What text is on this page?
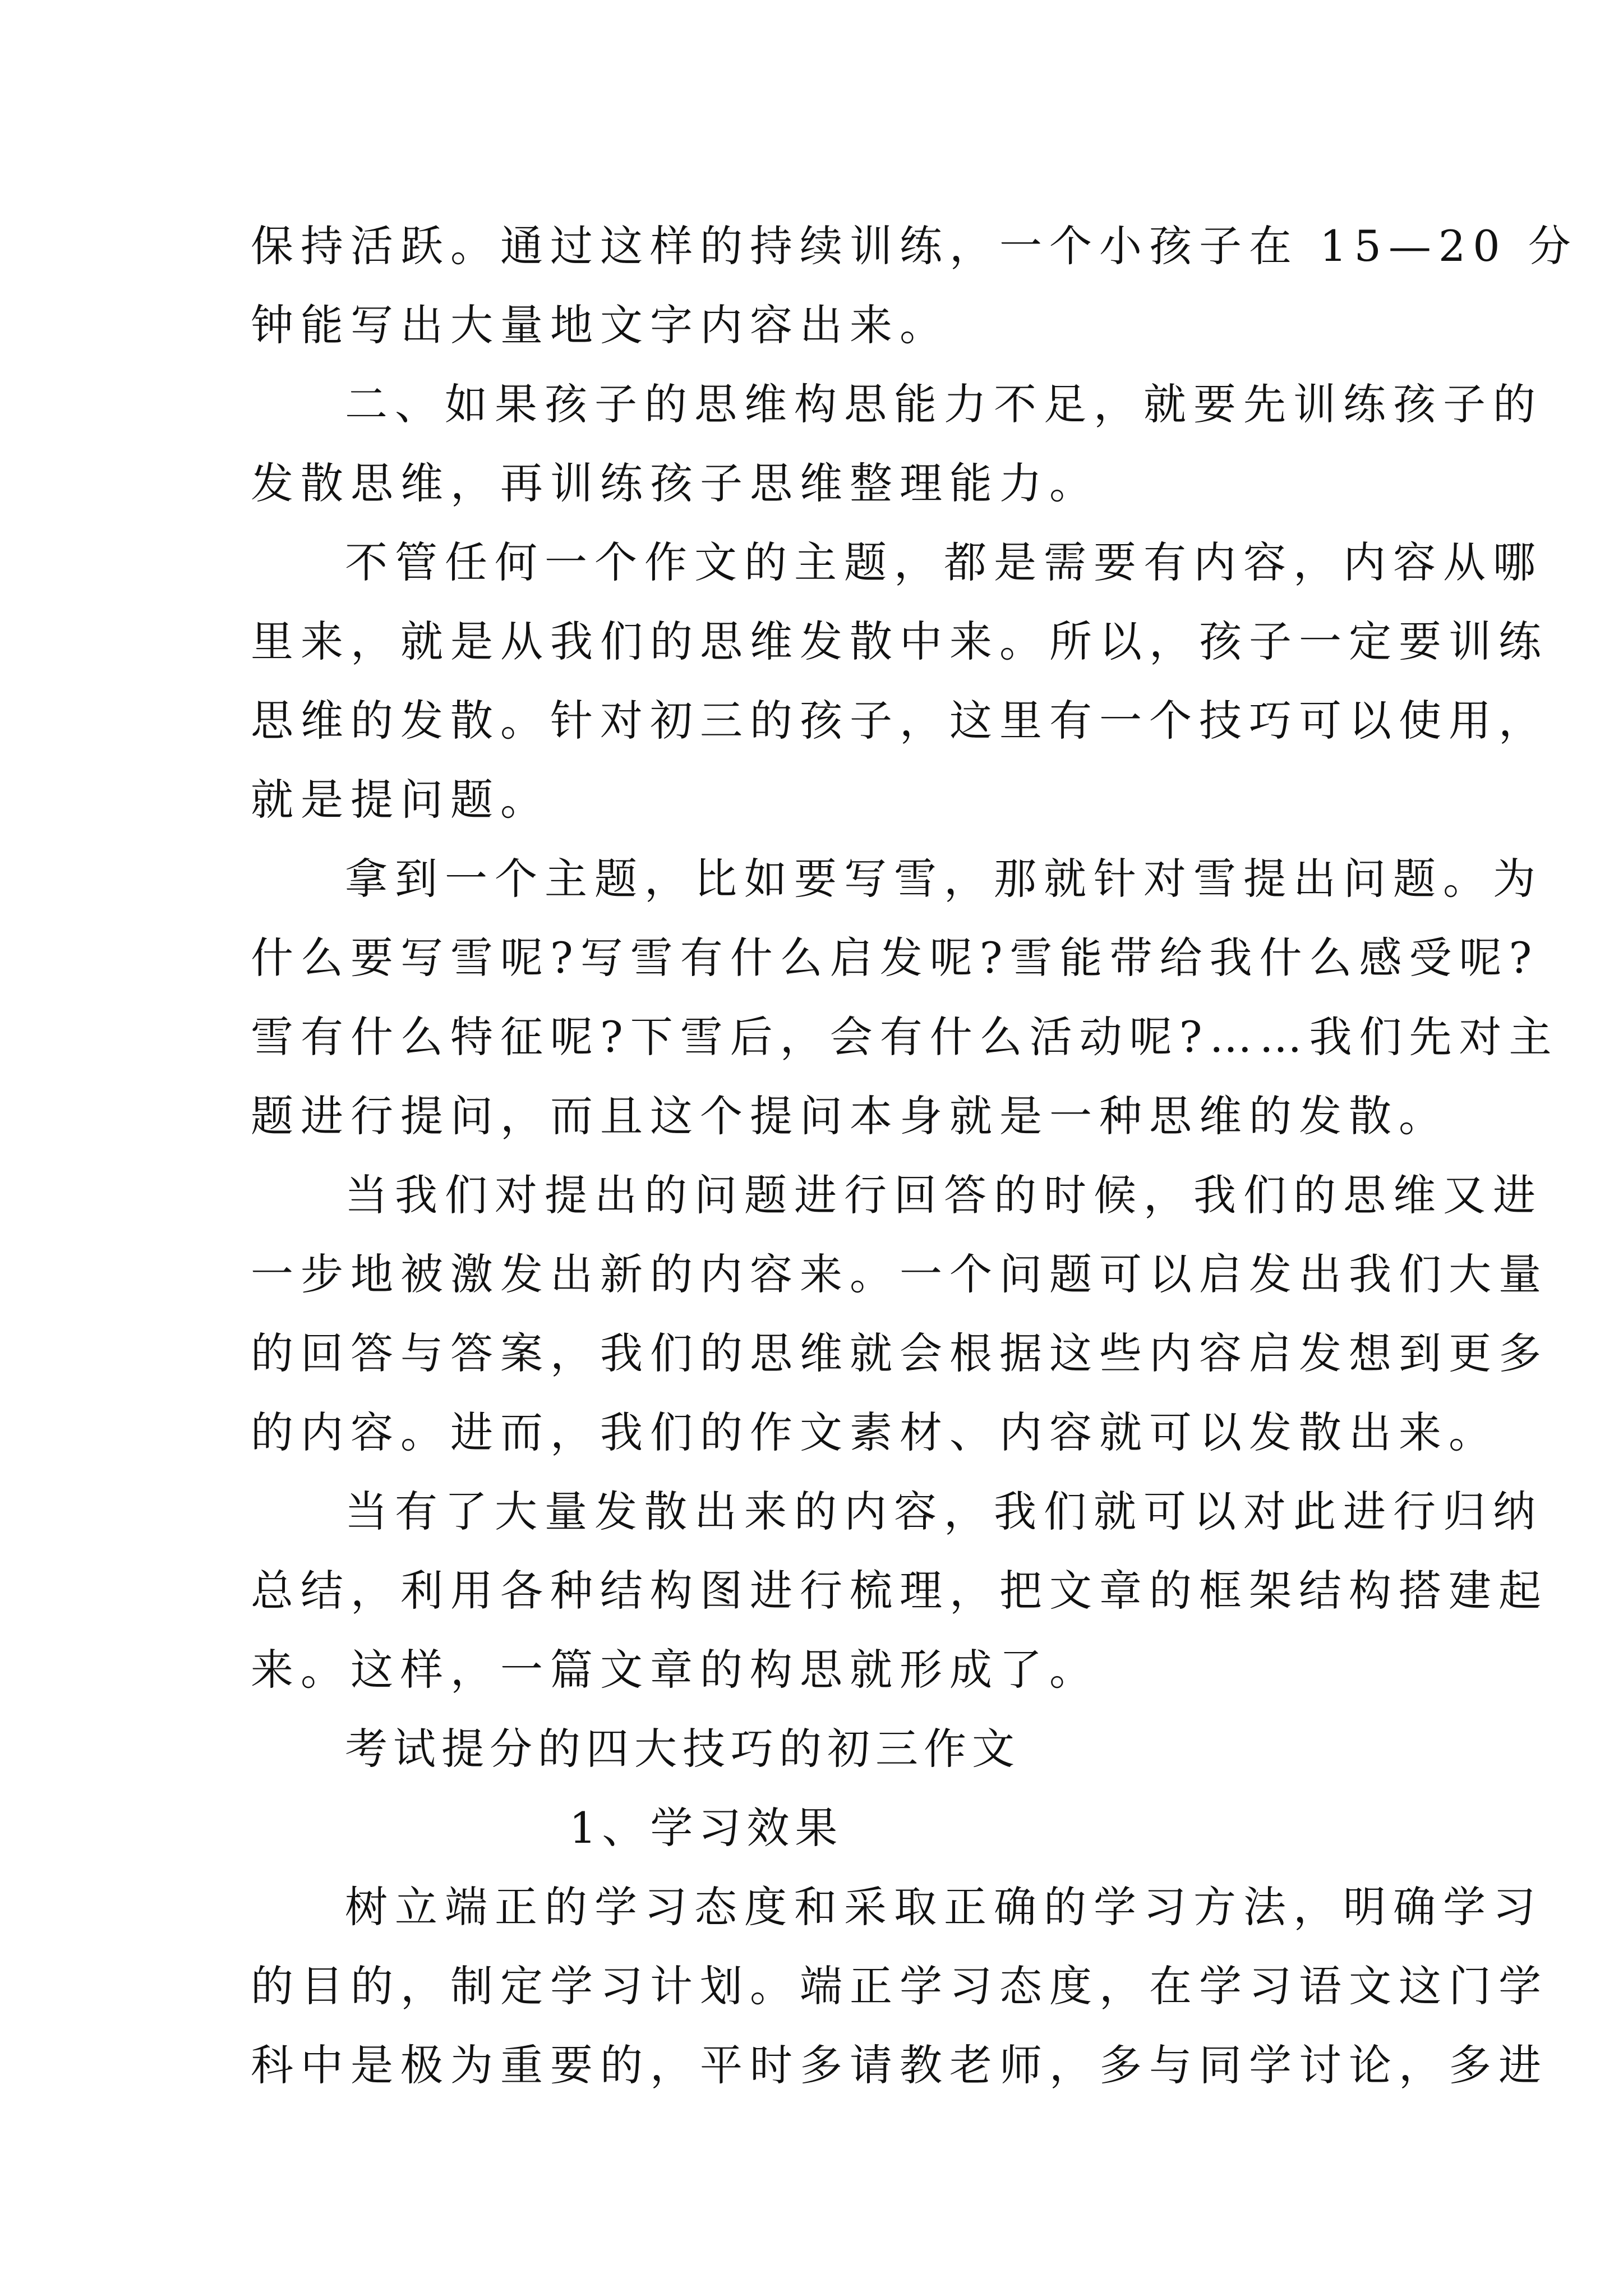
保持活跃。通过这样的持续训练，一个小孩子在 15—20 分

钟能写出大量地文字内容出来。

二、如果孩子的思维构思能力不足，就要先训练孩子的

发散思维，再训练孩子思维整理能力。

不管任何一个作文的主题，都是需要有内容，内容从哪

里来，就是从我们的思维发散中来。所以，孩子一定要训练

思维的发散。针对初三的孩子，这里有一个技巧可以使用，

就是提问题。

拿到一个主题，比如要写雪，那就针对雪提出问题。为

什么要写雪呢?写雪有什么启发呢?雪能带给我什么感受呢?

雪有什么特征呢?下雪后，会有什么活动呢?……我们先对主

题进行提问，而且这个提问本身就是一种思维的发散。

当我们对提出的问题进行回答的时候，我们的思维又进

一步地被激发出新的内容来。一个问题可以启发出我们大量

的回答与答案，我们的思维就会根据这些内容启发想到更多

的内容。进而，我们的作文素材、内容就可以发散出来。

当有了大量发散出来的内容，我们就可以对此进行归纳

总结，利用各种结构图进行梳理，把文章的框架结构搭建起

来。这样，一篇文章的构思就形成了。

考试提分的四大技巧的初三作文

1、学习效果

树立端正的学习态度和采取正确的学习方法，明确学习

的目的，制定学习计划。端正学习态度，在学习语文这门学

科中是极为重要的，平时多请教老师，多与同学讨论，多进
